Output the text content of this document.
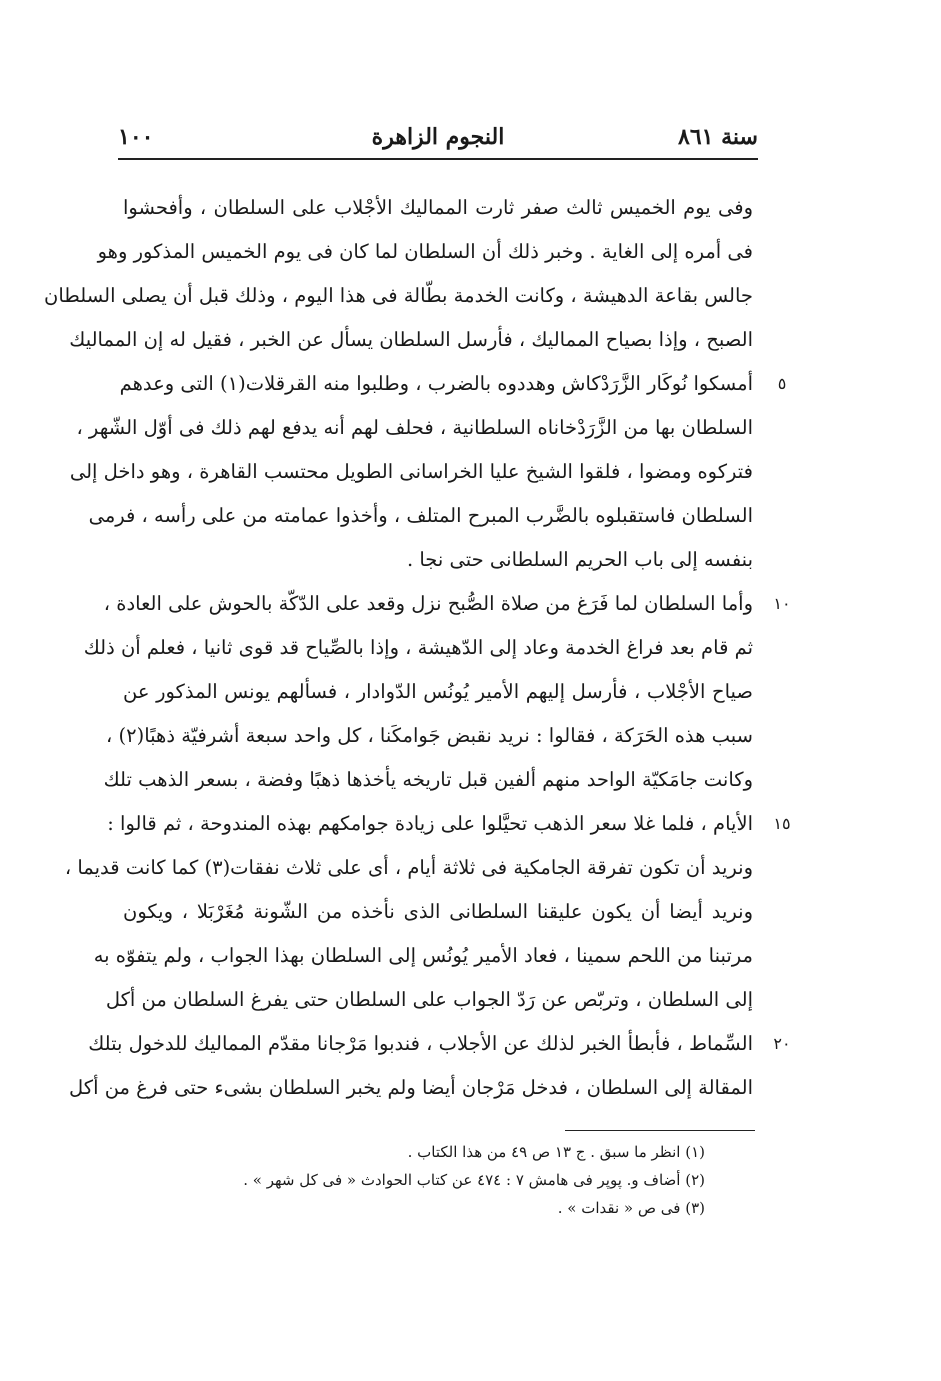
١٠٠	النجوم الزاهرة	سنة ٨٦١
وفى يوم الخميس ثالث صفر ثارت المماليك الأجْلاب على السلطان ، وأفحشوا
فى أمره إلى الغاية . وخبر ذلك أن السلطان لما كان فى يوم الخميس المذكور وهو
جالس بقاعة الدهيشة ، وكانت الخدمة بطّالة فى هذا اليوم ، وذلك قبل أن يصلى السلطان
الصبح ، وإذا بصياح المماليك ، فأرسل السلطان يسأل عن الخبر ، فقيل له إن المماليك
أمسكوا نُوكَار الزَّرَدْكاش وهددوه بالضرب ، وطلبوا منه القرقلات(١) التى وعدهم	٥
السلطان بها من الزَّرَدْخاناه السلطانية ، فحلف لهم أنه يدفع لهم ذلك فى أوّل الشّهر ،
فتركوه ومضوا ، فلقوا الشيخ عليا الخراسانى الطويل محتسب القاهرة ، وهو داخل إلى
السلطان فاستقبلوه بالضَّرب المبرح المتلف ، وأخذوا عمامته من على رأسه ، فرمى
بنفسه إلى باب الحريم السلطانى حتى نجا .
وأما السلطان لما فَرَغ من صلاة الصُّبح نزل وقعد على الدّكّة بالحوش على العادة ،	١٠
ثم قام بعد فراغ الخدمة وعاد إلى الدّهيشة ، وإذا بالصِّياح قد قوى ثانيا ، فعلم أن ذلك
صياح الأجْلاب ، فأرسل إليهم الأمير يُونُس الدّوادار ، فسألهم يونس المذكور عن
سبب هذه الحَرَكة ، فقالوا : نريد نقبض جَوامكَنا ، كل واحد سبعة أشرفيّة ذهبًا(٢) ،
وكانت جامَكيّة الواحد منهم ألفين قبل تاريخه يأخذها ذهبًا وفضة ، بسعر الذهب تلك
الأيام ، فلما غلا سعر الذهب تحيَّلوا على زيادة جوامكهم بهذه المندوحة ، ثم قالوا :	١٥
ونريد أن تكون تفرقة الجامكية فى ثلاثة أيام ، أى على ثلاث نفقات(٣) كما كانت قديما ،
ونريد أيضا أن يكون عليقنا السلطانى الذى نأخذه من الشّونة مُغَرْبَلا ، ويكون
مرتبنا من اللحم سمينا ، فعاد الأمير يُونُس إلى السلطان بهذا الجواب ، ولم يتفوّه به
إلى السلطان ، وتربّص عن رَدّ الجواب على السلطان حتى يفرغ السلطان من أكل
السِّماط ، فأبطأ الخبر لذلك عن الأجلاب ، فندبوا مَرْجانا مقدّم المماليك للدخول بتلك	٢٠
المقالة إلى السلطان ، فدخل مَرْجان أيضا ولم يخبر السلطان بشىء حتى فرغ من أكل
(١) انظر ما سبق . ج ١٣ ص ٤٩ من هذا الكتاب .
(٢) أضاف و. پوپر فى هامش ٧ : ٤٧٤ عن كتاب الحوادث « فى كل شهر » .
(٣) فى ص « نقدات » .
